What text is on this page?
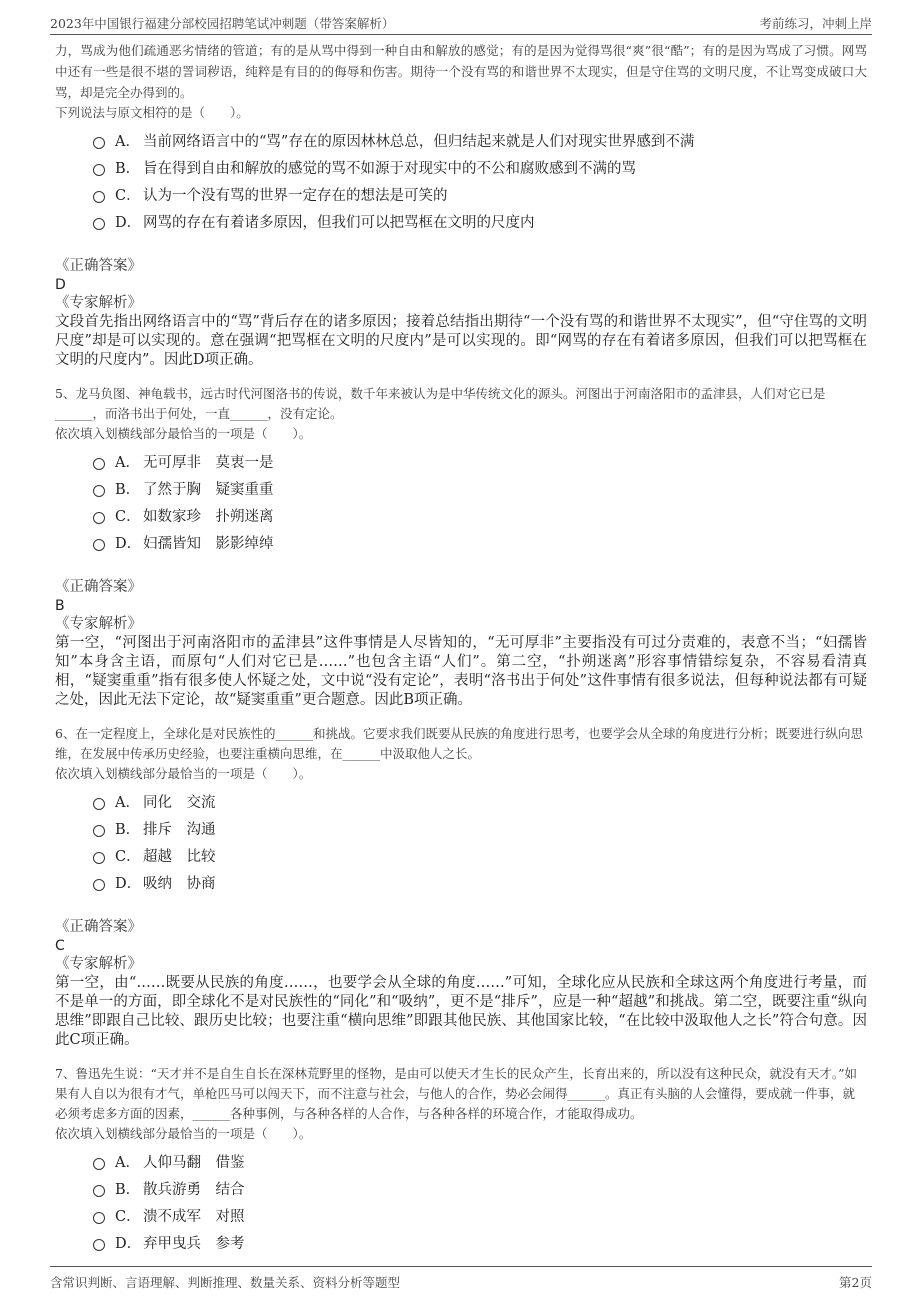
2023年中国银行福建分部校园招聘笔试冲刺题（带答案解析）	考前练习，冲刺上岸

力，骂成为他们疏通恶劣情绪的管道；有的是从骂中得到一种自由和解放的感觉；有的是因为觉得骂很“爽”很“酷”；有的是因为骂成了习惯。网骂中还有一些是很不堪的詈词秽语，纯粹是有目的的侮辱和伤害。期待一个没有骂的和谐世界不太现实，但是守住骂的文明尺度，不让骂变成破口大骂，却是完全办得到的。

下列说法与原文相符的是（　　）。

A． 当前网络语言中的“骂”存在的原因林林总总，但归结起来就是人们对现实世界感到不满
B． 旨在得到自由和解放的感觉的骂不如源于对现实中的不公和腐败感到不满的骂
C． 认为一个没有骂的世界一定存在的想法是可笑的
D． 网骂的存在有着诸多原因，但我们可以把骂框在文明的尺度内

《正确答案》

D

《专家解析》

文段首先指出网络语言中的“骂”背后存在的诸多原因；接着总结指出期待“一个没有骂的和谐世界不太现实”，但“守住骂的文明尺度”却是可以实现的。意在强调“把骂框在文明的尺度内”是可以实现的。即“网骂的存在有着诸多原因，但我们可以把骂框在文明的尺度内”。因此D项正确。

5、龙马负图、神龟载书，远古时代河图洛书的传说，数千年来被认为是中华传统文化的源头。河图出于河南洛阳市的孟津县，人们对它已是______，而洛书出于何处，一直______，没有定论。

依次填入划横线部分最恰当的一项是（　　）。

A． 无可厚非　莫衷一是
B． 了然于胸　疑窦重重
C． 如数家珍　扑朔迷离
D． 妇孺皆知　影影绰绰

《正确答案》

B

《专家解析》

第一空，“河图出于河南洛阳市的孟津县”这件事情是人尽皆知的，“无可厚非”主要指没有可过分责难的，表意不当；“妇孺皆知”本身含主语，而原句“人们对它已是……”也包含主语“人们”。第二空，“扑朔迷离”形容事情错综复杂，不容易看清真相，“疑窦重重”指有很多使人怀疑之处，文中说“没有定论”，表明“洛书出于何处”这件事情有很多说法，但每种说法都有可疑之处，因此无法下定论，故“疑窦重重”更合题意。因此B项正确。

6、在一定程度上，全球化是对民族性的______和挑战。它要求我们既要从民族的角度进行思考，也要学会从全球的角度进行分析；既要进行纵向思维，在发展中传承历史经验，也要注重横向思维，在______中汲取他人之长。

依次填入划横线部分最恰当的一项是（　　）。

A． 同化　交流
B． 排斥　沟通
C． 超越　比较
D． 吸纳　协商

《正确答案》

C

《专家解析》

第一空，由“……既要从民族的角度……，也要学会从全球的角度……”可知，全球化应从民族和全球这两个角度进行考量，而不是单一的方面，即全球化不是对民族性的“同化”和“吸纳”，更不是“排斥”，应是一种“超越”和挑战。第二空，既要注重“纵向思维”即跟自己比较、跟历史比较；也要注重“横向思维”即跟其他民族、其他国家比较，“在比较中汲取他人之长”符合句意。因此C项正确。

7、鲁迅先生说：“天才并不是自生自长在深林荒野里的怪物，是由可以使天才生长的民众产生，长育出来的，所以没有这种民众，就没有天才。”如果有人自以为很有才气，单枪匹马可以闯天下，而不注意与社会，与他人的合作，势必会闹得______。真正有头脑的人会懂得，要成就一件事，就必须考虑多方面的因素，______各种事例，与各种各样的人合作，与各种各样的环境合作，才能取得成功。

依次填入划横线部分最恰当的一项是（　　）。

A． 人仰马翻　借鉴
B． 散兵游勇　结合
C． 溃不成军　对照
D． 弃甲曳兵　参考
含常识判断、言语理解、判断推理、数量关系、资料分析等题型	第2页
